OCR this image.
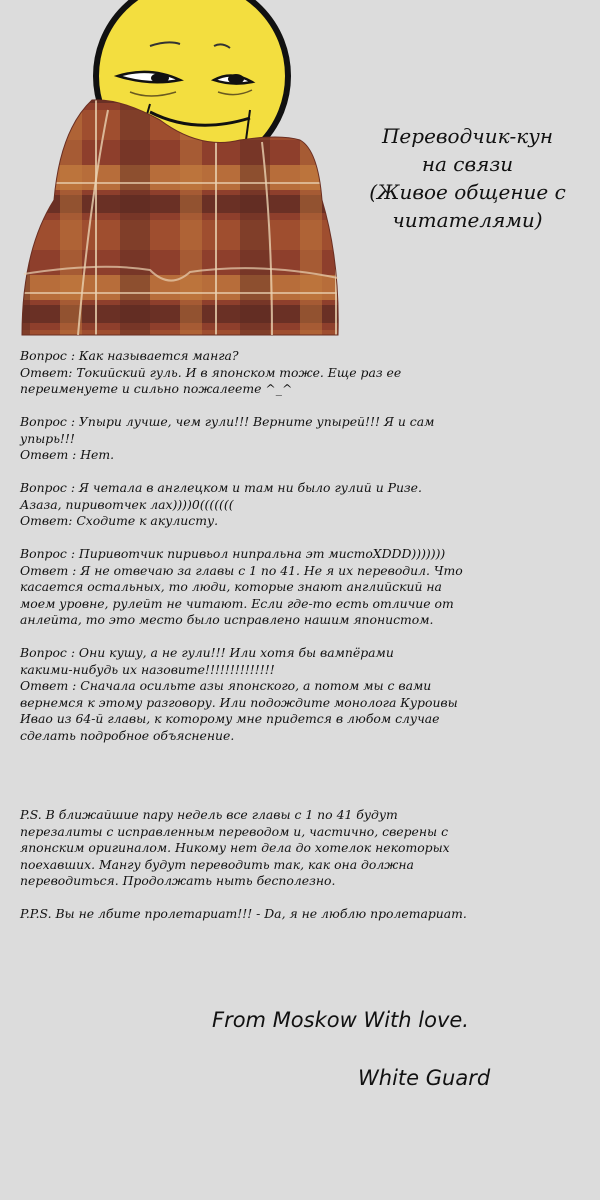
Переводчик-кун
на связи
(Живое общение с
читателями)
Вопрос : Как называется манга?
Ответ: Токийский гуль. И в японском тоже. Еще раз ее
переименуете и сильно пожалеете ^_^
Вопрос : Упыри лучше, чем гули!!! Верните упырей!!! Я и сам
упырь!!!
Ответ : Нет.
Вопрос : Я четала в англецком и там ни было гулий и Ризе.
Азаза, пиривотчек лах))))0(((((((
Ответ: Сходите к акулисту.
Вопрос : Пиривотчик пиривьол нипральна эт мистоXDDD)))))))
Ответ : Я не отвечаю за главы с 1 по 41. Не я их переводил. Что
касается остальных, то люди, которые знают английский на
моем уровне, рулейт не читают. Если где-то есть отличие от
анлейта, то это место было исправлено нашим японистом.
Вопрос : Они кушу, а не гули!!! Или хотя бы вампёрами
какими-нибудь их назовите!!!!!!!!!!!!!!
Ответ : Сначала осильте азы японского, а потом мы с вами
вернемся к этому разговору. Или подождите монолога Куроивы
Ивао из 64-й главы, к которому мне придется в любом случае
сделать подробное объяснение.

P.S. В ближайшие пару недель все главы с 1 по 41 будут
перезалиты с исправленным переводом и, частично, сверены с
японским оригиналом. Никому нет дела до хотелок некоторых
поехавших. Мангу будут переводить так, как она должна
переводиться. Продолжать ныть бесполезно.

P.P.S. Вы не лбите пролетариат!!! - Da, я не люблю пролетариат.

From Moskow With love.
White Guard
